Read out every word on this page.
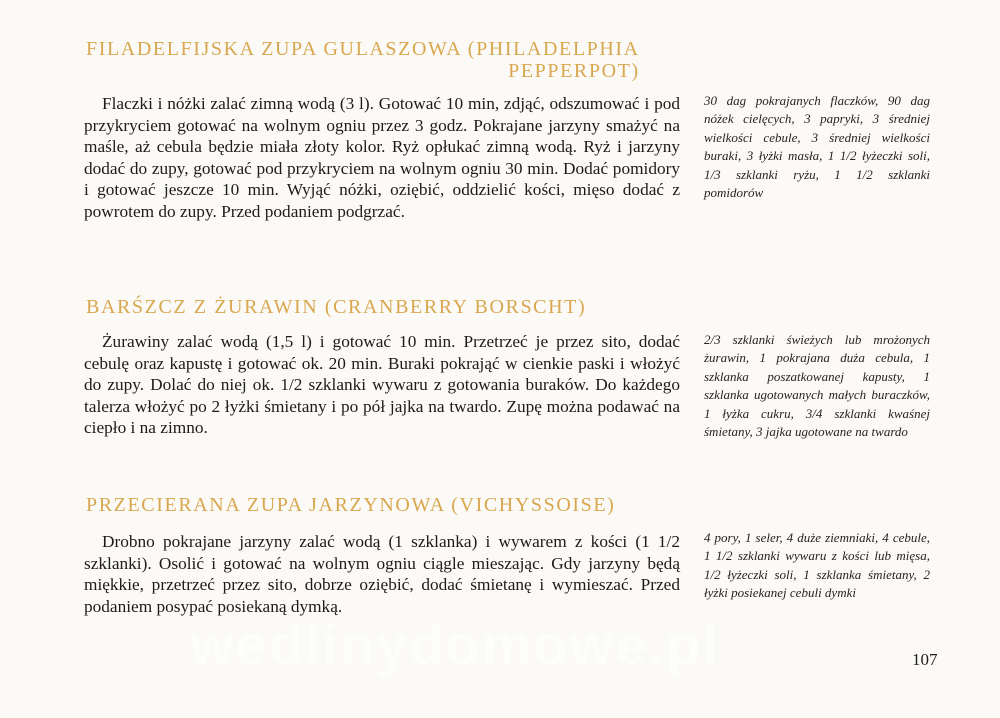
FILADELFIJSKA ZUPA GULASZOWA (PHILADELPHIA
PEPPERPOT)

Flaczki i nóżki zalać zimną wodą (3 l). Gotować 10 min, zdjąć, odszumować i pod przykryciem gotować na wolnym ogniu przez 3 godz. Pokrajane jarzyny smażyć na maśle, aż cebula będzie miała złoty kolor. Ryż opłukać zimną wodą. Ryż i jarzyny dodać do zupy, gotować pod przykryciem na wolnym ogniu 30 min. Dodać pomidory i gotować jeszcze 10 min. Wyjąć nóżki, oziębić, oddzielić kości, mięso dodać z powrotem do zupy. Przed podaniem podgrzać.

30 dag pokrajanych flaczków, 90 dag nóżek cielęcych, 3 papryki, 3 średniej wielkości cebule, 3 średniej wielkości buraki, 3 łyżki masła, 1 1/2 łyżeczki soli, 1/3 szklanki ryżu, 1 1/2 szklanki pomidorów

BARŚZCZ Z ŻURAWIN (CRANBERRY BORSCHT)

Żurawiny zalać wodą (1,5 l) i gotować 10 min. Przetrzeć je przez sito, dodać cebulę oraz kapustę i gotować ok. 20 min. Buraki pokrająć w cienkie paski i włożyć do zupy. Dolać do niej ok. 1/2 szklanki wywaru z gotowania buraków. Do każdego talerza włożyć po 2 łyżki śmietany i po pół jajka na twardo. Zupę można podawać na ciepło i na zimno.

2/3 szklanki świeżych lub mrożonych żurawin, 1 pokrajana duża cebula, 1 szklanka poszatkowanej kapusty, 1 szklanka ugotowanych małych buraczków, 1 łyżka cukru, 3/4 szklanki kwaśnej śmietany, 3 jajka ugotowane na twardo

PRZECIERANA ZUPA JARZYNOWA (VICHYSSOISE)

Drobno pokrajane jarzyny zalać wodą (1 szklanka) i wywarem z kości (1 1/2 szklanki). Osolić i gotować na wolnym ogniu ciągle mieszając. Gdy jarzyny będą miękkie, przetrzeć przez sito, dobrze oziębić, dodać śmietanę i wymieszać. Przed podaniem posypać posiekaną dymką.

4 pory, 1 seler, 4 duże ziemniaki, 4 cebule, 1 1/2 szklanki wywaru z kości lub mięsa, 1/2 łyżeczki soli, 1 szklanka śmietany, 2 łyżki posiekanej cebuli dymki

wedlinydomowe.pl	107
